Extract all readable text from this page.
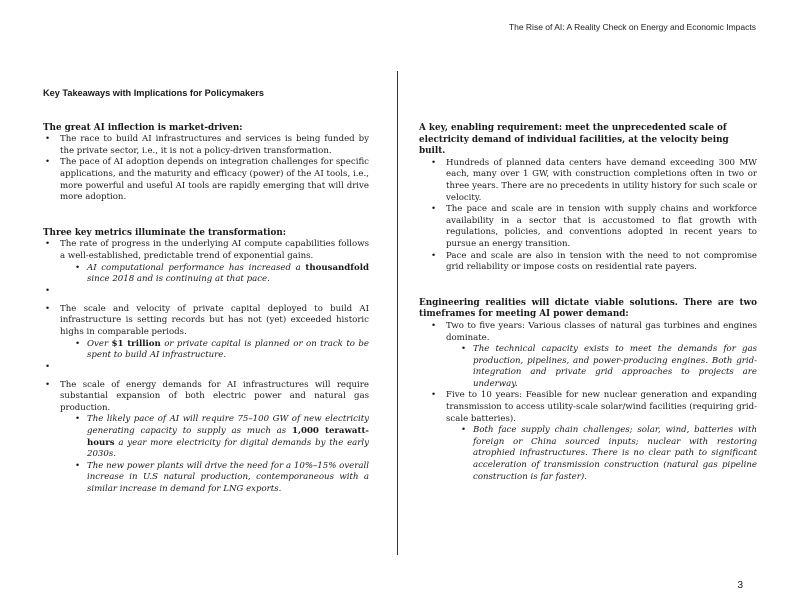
The Rise of AI: A Reality Check on Energy and Economic Impacts
Key Takeaways with Implications for Policymakers
The great AI inflection is market-driven:
• The race to build AI infrastructures and services is being funded by the private sector, i.e., it is not a policy-driven transformation.
• The pace of AI adoption depends on integration challenges for specific applications, and the maturity and efficacy (power) of the AI tools, i.e., more powerful and useful AI tools are rapidly emerging that will drive more adoption.
Three key metrics illuminate the transformation:
• The rate of progress in the underlying AI compute capabilities follows a well-established, predictable trend of exponential gains.
• AI computational performance has increased a thousandfold since 2018 and is continuing at that pace.
•
• The scale and velocity of private capital deployed to build AI infrastructure is setting records but has not (yet) exceeded historic highs in comparable periods.
• Over $1 trillion or private capital is planned or on track to be spent to build AI infrastructure.
•
• The scale of energy demands for AI infrastructures will require substantial expansion of both electric power and natural gas production.
• The likely pace of AI will require 75–100 GW of new electricity generating capacity to supply as much as 1,000 terawatt-hours a year more electricity for digital demands by the early 2030s.
• The new power plants will drive the need for a 10%–15% overall increase in U.S natural production, contemporaneous with a similar increase in demand for LNG exports.
A key, enabling requirement: meet the unprecedented scale of electricity demand of individual facilities, at the velocity being built.
• Hundreds of planned data centers have demand exceeding 300 MW each, many over 1 GW, with construction completions often in two or three years. There are no precedents in utility history for such scale or velocity.
• The pace and scale are in tension with supply chains and workforce availability in a sector that is accustomed to flat growth with regulations, policies, and conventions adopted in recent years to pursue an energy transition.
• Pace and scale are also in tension with the need to not compromise grid reliability or impose costs on residential rate payers.
Engineering realities will dictate viable solutions. There are two timeframes for meeting AI power demand:
• Two to five years: Various classes of natural gas turbines and engines dominate.
• The technical capacity exists to meet the demands for gas production, pipelines, and power-producing engines. Both grid-integration and private grid approaches to projects are underway.
• Five to 10 years: Feasible for new nuclear generation and expanding transmission to access utility-scale solar/wind facilities (requiring grid-scale batteries).
• Both face supply chain challenges; solar, wind, batteries with foreign or China sourced inputs; nuclear with restoring atrophied infrastructures. There is no clear path to significant acceleration of transmission construction (natural gas pipeline construction is far faster).
3
